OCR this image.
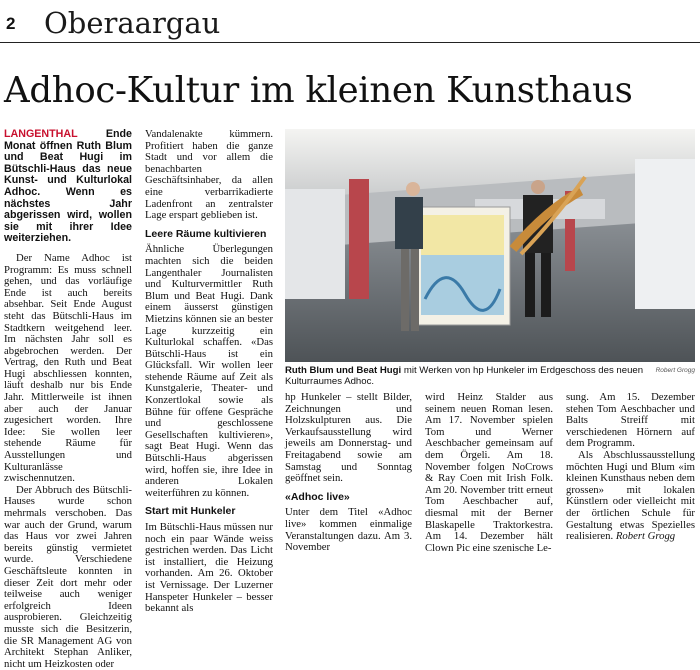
2 Oberaargau
Adhoc-Kultur im kleinen Kunsthaus

LANGENTHAL	Ende Monat öffnen Ruth Blum und Beat Hugi im Bütschli-Haus das neue Kunst- und Kulturlokal Adhoc. Wenn es nächstes Jahr abgerissen wird, wollen sie mit ihrer Idee weiterziehen.

Der Name Adhoc ist Programm: Es muss schnell gehen, und das vorläufige Ende ist auch bereits absehbar. Seit Ende August steht das Bütschli-Haus im Stadtkern weitgehend leer. Im nächsten Jahr soll es abgebrochen werden. Der Vertrag, den Ruth und Beat Hugi abschliessen konnten, läuft deshalb nur bis Ende Jahr. Mittlerweile ist ihnen aber auch der Januar zugesichert worden. Ihre Idee: Sie wollen leer stehende Räume für Ausstellungen und Kulturanlässe zwischennutzen.

Der Abbruch des Bütschli-Hauses wurde schon mehrmals verschoben. Das war auch der Grund, warum das Haus vor zwei Jahren bereits günstig vermietet wurde. Verschiedene Geschäftsleute konnten in dieser Zeit dort mehr oder teilweise auch weniger erfolgreich Ideen ausprobieren. Gleichzeitig musste sich die Besitzerin, die SR Management AG von Architekt Stephan Anliker, nicht um Heizkosten oder

Vandalenakte kümmern. Profitiert haben die ganze Stadt und vor allem die benachbarten Geschäftsinhaber, da allen eine verbarrikadierte Ladenfront an zentralster Lage erspart geblieben ist.

Leere Räume kultivieren

Ähnliche Überlegungen machten sich die beiden Langenthaler Journalisten und Kulturvermittler Ruth Blum und Beat Hugi. Dank einem äusserst günstigen Mietzins können sie an bester Lage kurzzeitig ein Kulturlokal schaffen. «Das Bütschli-Haus ist ein Glücksfall. Wir wollen leer stehende Räume auf Zeit als Kunstgalerie, Theater- und Konzertlokal sowie als Bühne für offene Gespräche und geschlossene Gesellschaften kultivieren», sagt Beat Hugi. Wenn das Bütschli-Haus abgerissen wird, hoffen sie, ihre Idee in anderen Lokalen weiterführen zu können.

Start mit Hunkeler

Im Bütschli-Haus müssen nur noch ein paar Wände weiss gestrichen werden. Das Licht ist installiert, die Heizung vorhanden. Am 26. Oktober ist Vernissage. Der Luzerner Hanspeter Hunkeler – besser bekannt als

Ruth Blum und Beat Hugi mit Werken von hp Hunkeler im Erdgeschoss des neuen Kulturraumes Adhoc.
Robert Grogg

hp Hunkeler – stellt Bilder, Zeichnungen und Holzskulpturen aus. Die Verkaufsausstellung wird jeweils am Donnerstag- und Freitagabend sowie am Samstag und Sonntag geöffnet sein.

«Adhoc live»

Unter dem Titel «Adhoc live» kommen einmalige Veranstaltungen dazu. Am 3. November

wird Heinz Stalder aus seinem neuen Roman lesen. Am 17. November spielen Tom und Werner Aeschbacher gemeinsam auf dem Örgeli. Am 18. November folgen NoCrows & Ray Coen mit Irish Folk. Am 20. November tritt erneut Tom Aeschbacher auf, diesmal mit der Berner Blaskapelle Traktorkestra. Am 14. Dezember hält Clown Pic eine szenische Le-

sung. Am 15. Dezember stehen Tom Aeschbacher und Balts Streiff mit verschiedenen Hörnern auf dem Programm.

Als Abschlussausstellung möchten Hugi und Blum «im kleinen Kunsthaus neben dem grossen» mit lokalen Künstlern oder vielleicht mit der örtlichen Schule für Gestaltung etwas Spezielles realisieren. Robert Grogg
